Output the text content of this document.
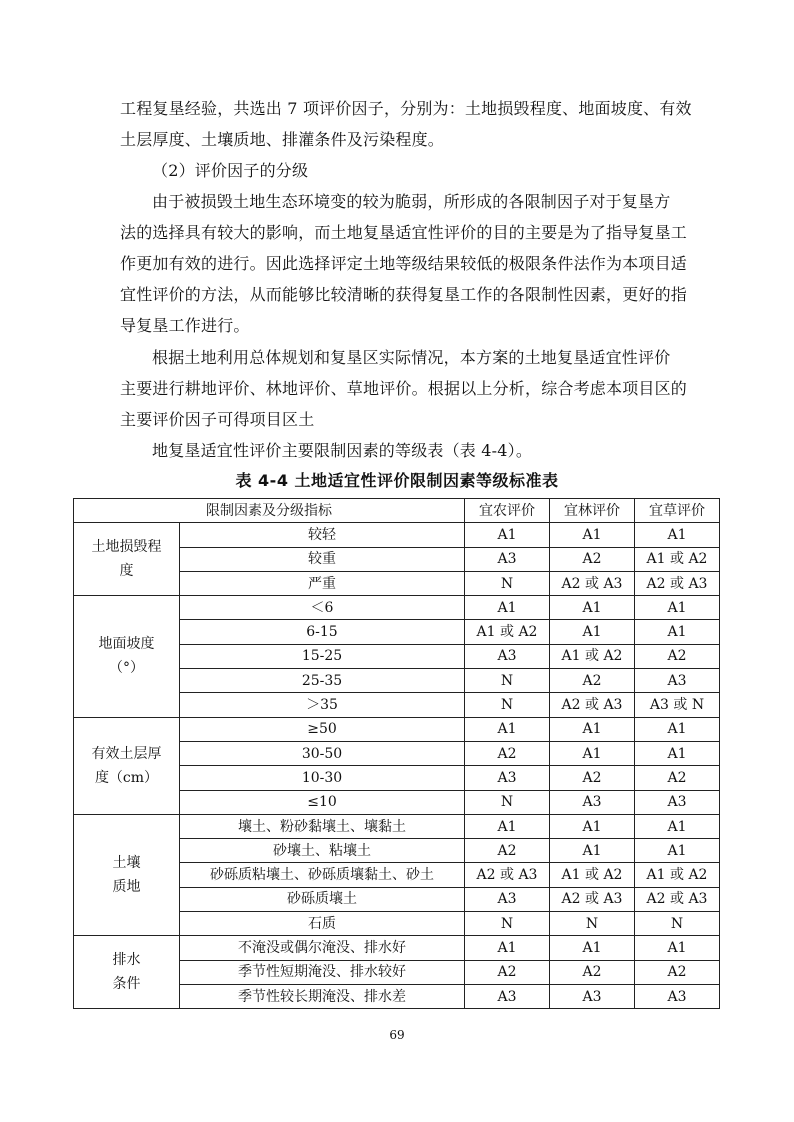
工程复垦经验，共选出 7 项评价因子，分别为：土地损毁程度、地面坡度、有效
土层厚度、土壤质地、排灌条件及污染程度。

（2）评价因子的分级

由于被损毁土地生态环境变的较为脆弱，所形成的各限制因子对于复垦方
法的选择具有较大的影响，而土地复垦适宜性评价的目的主要是为了指导复垦工
作更加有效的进行。因此选择评定土地等级结果较低的极限条件法作为本项目适
宜性评价的方法，从而能够比较清晰的获得复垦工作的各限制性因素，更好的指
导复垦工作进行。

根据土地利用总体规划和复垦区实际情况，本方案的土地复垦适宜性评价
主要进行耕地评价、林地评价、草地评价。根据以上分析，综合考虑本项目区的
主要评价因子可得项目区土

地复垦适宜性评价主要限制因素的等级表（表 4-4）。

表 4-4 土地适宜性评价限制因素等级标准表
限制因素及分级指标		宜农评价	宜林评价	宜草评价

土地损毁程
度	较轻	A1	A1	A1
	较重	A3	A2	A1 或 A2
	严重	N	A2 或 A3	A2 或 A3

地面坡度
（°）	＜6	A1	A1	A1
	6-15	A1 或 A2	A1	A1
	15-25	A3	A1 或 A2	A2
	25-35	N	A2	A3
	＞35	N	A2 或 A3	A3 或 N

有效土层厚
度（cm）	≥50	A1	A1	A1
	30-50	A2	A1	A1
	10-30	A3	A2	A2
	≤10	N	A3	A3

土壤
质地	壤土、粉砂黏壤土、壤黏土	A1	A1	A1
	砂壤土、粘壤土	A2	A1	A1
	砂砾质粘壤土、砂砾质壤黏土、砂土	A2 或 A3	A1 或 A2	A1 或 A2
	砂砾质壤土	A3	A2 或 A3	A2 或 A3
	石质	N	N	N

排水
条件	不淹没或偶尔淹没、排水好	A1	A1	A1
	季节性短期淹没、排水较好	A2	A2	A2
	季节性较长期淹没、排水差	A3	A3	A3
69
